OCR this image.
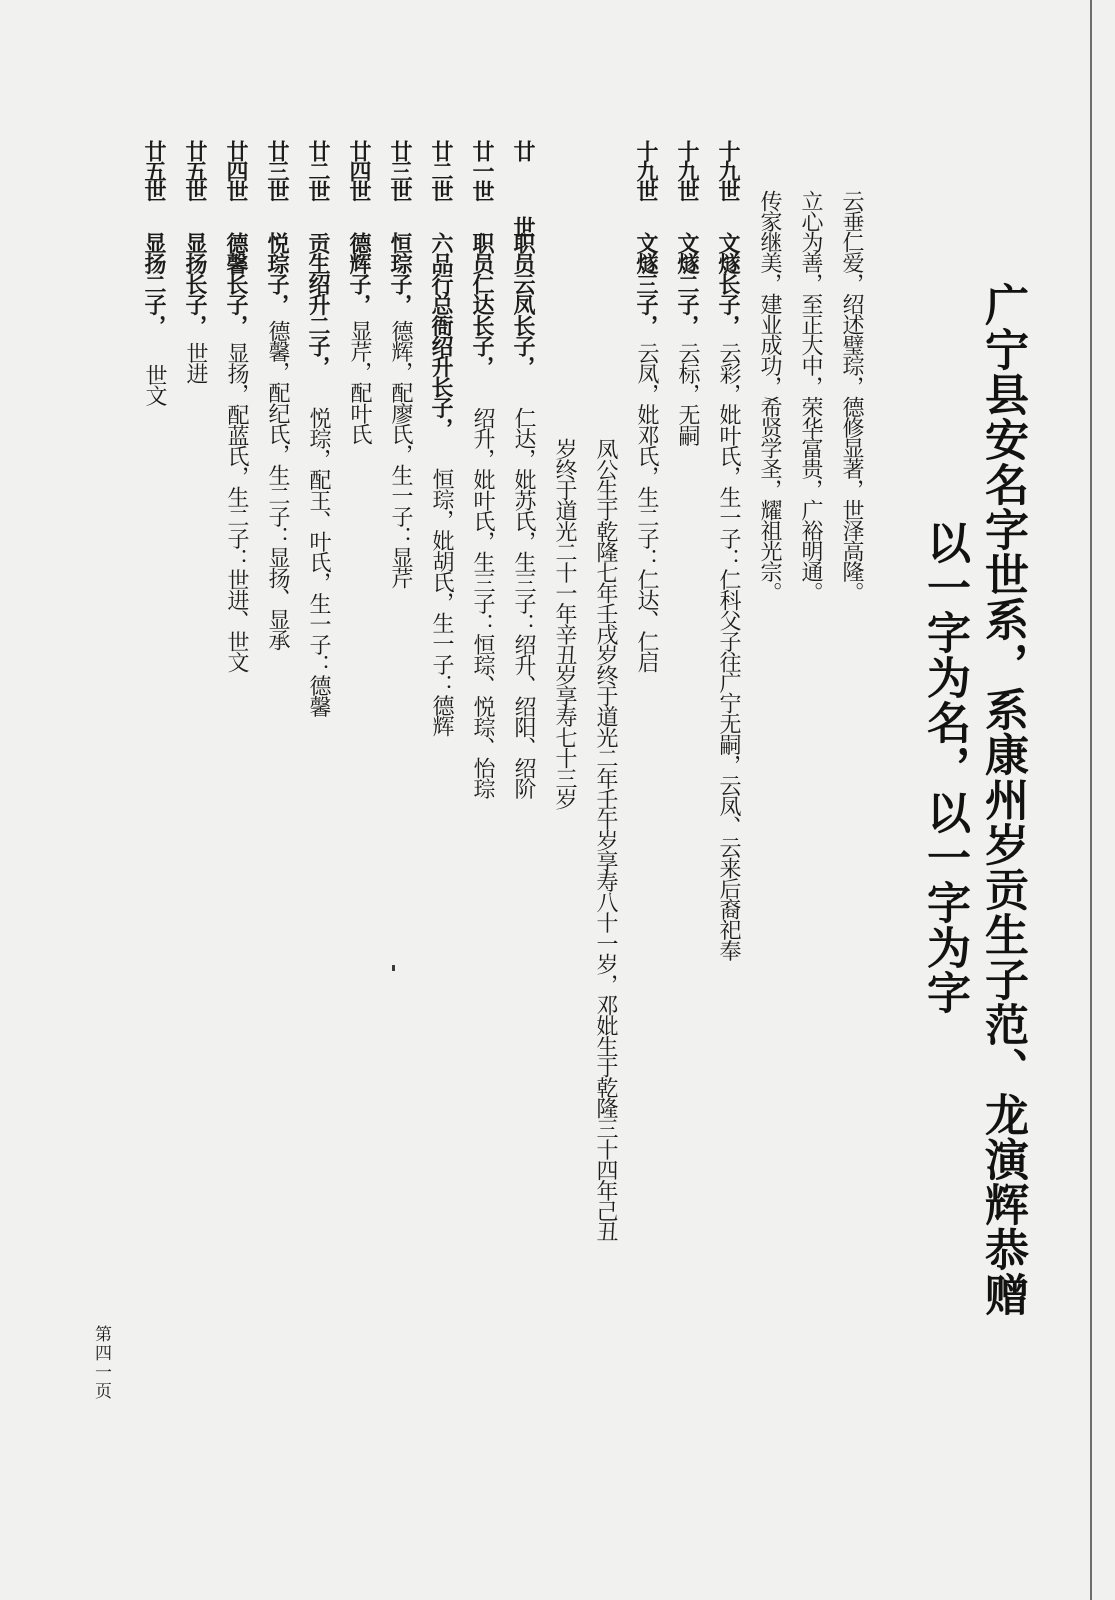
广宁县安名字世系，系康州岁贡生子范、龙演辉恭赠
以一字为名，以一字为字
云垂仁爱，绍述璧琮，德修显著，世泽高隆。
立心为善，至正大中，荣华富贵，广裕明通。
传家继美，建业成功，希贤学圣，耀祖光宗。
十九世
文燧长子，
云彩，妣叶氏，生一子：仁科父子往广宁无嗣，云凤、云来后裔祀奉
十九世
文燧二子，
云标，无嗣
十九世
文燧三子，
云凤，妣邓氏，生二子：仁达、仁启
凤公生于乾隆七年壬戌岁终于道光二年壬午岁享寿八十一岁，邓妣生于乾隆三十四年己丑
岁终于道光二十一年辛丑岁享寿七十三岁
廿 世
职员云凤长子，
仁达，妣苏氏，生三子：绍升、绍阳、绍阶
廿一世
职员仁达长子，
绍升，妣叶氏，生三子：恒琮、悦琮、怡琮
廿二世
六品行总衙绍升长子，
恒琮，妣胡氏，生一子：德辉
廿三世
恒琮子，
德辉，配廖氏，生一子：显芹
廿四世
德辉子，
显芹，配叶氏
廿二世
贡生绍升二子，
悦琮，配王、叶氏，生一子：德馨
廿三世
悦琮子，
德馨，配纪氏，生二子：显扬、显承
廿四世
德馨长子，
显扬，配蓝氏，生二子：世进、世文
廿五世
显扬长子，
世进
廿五世
显扬二子，
世文
第四一页
